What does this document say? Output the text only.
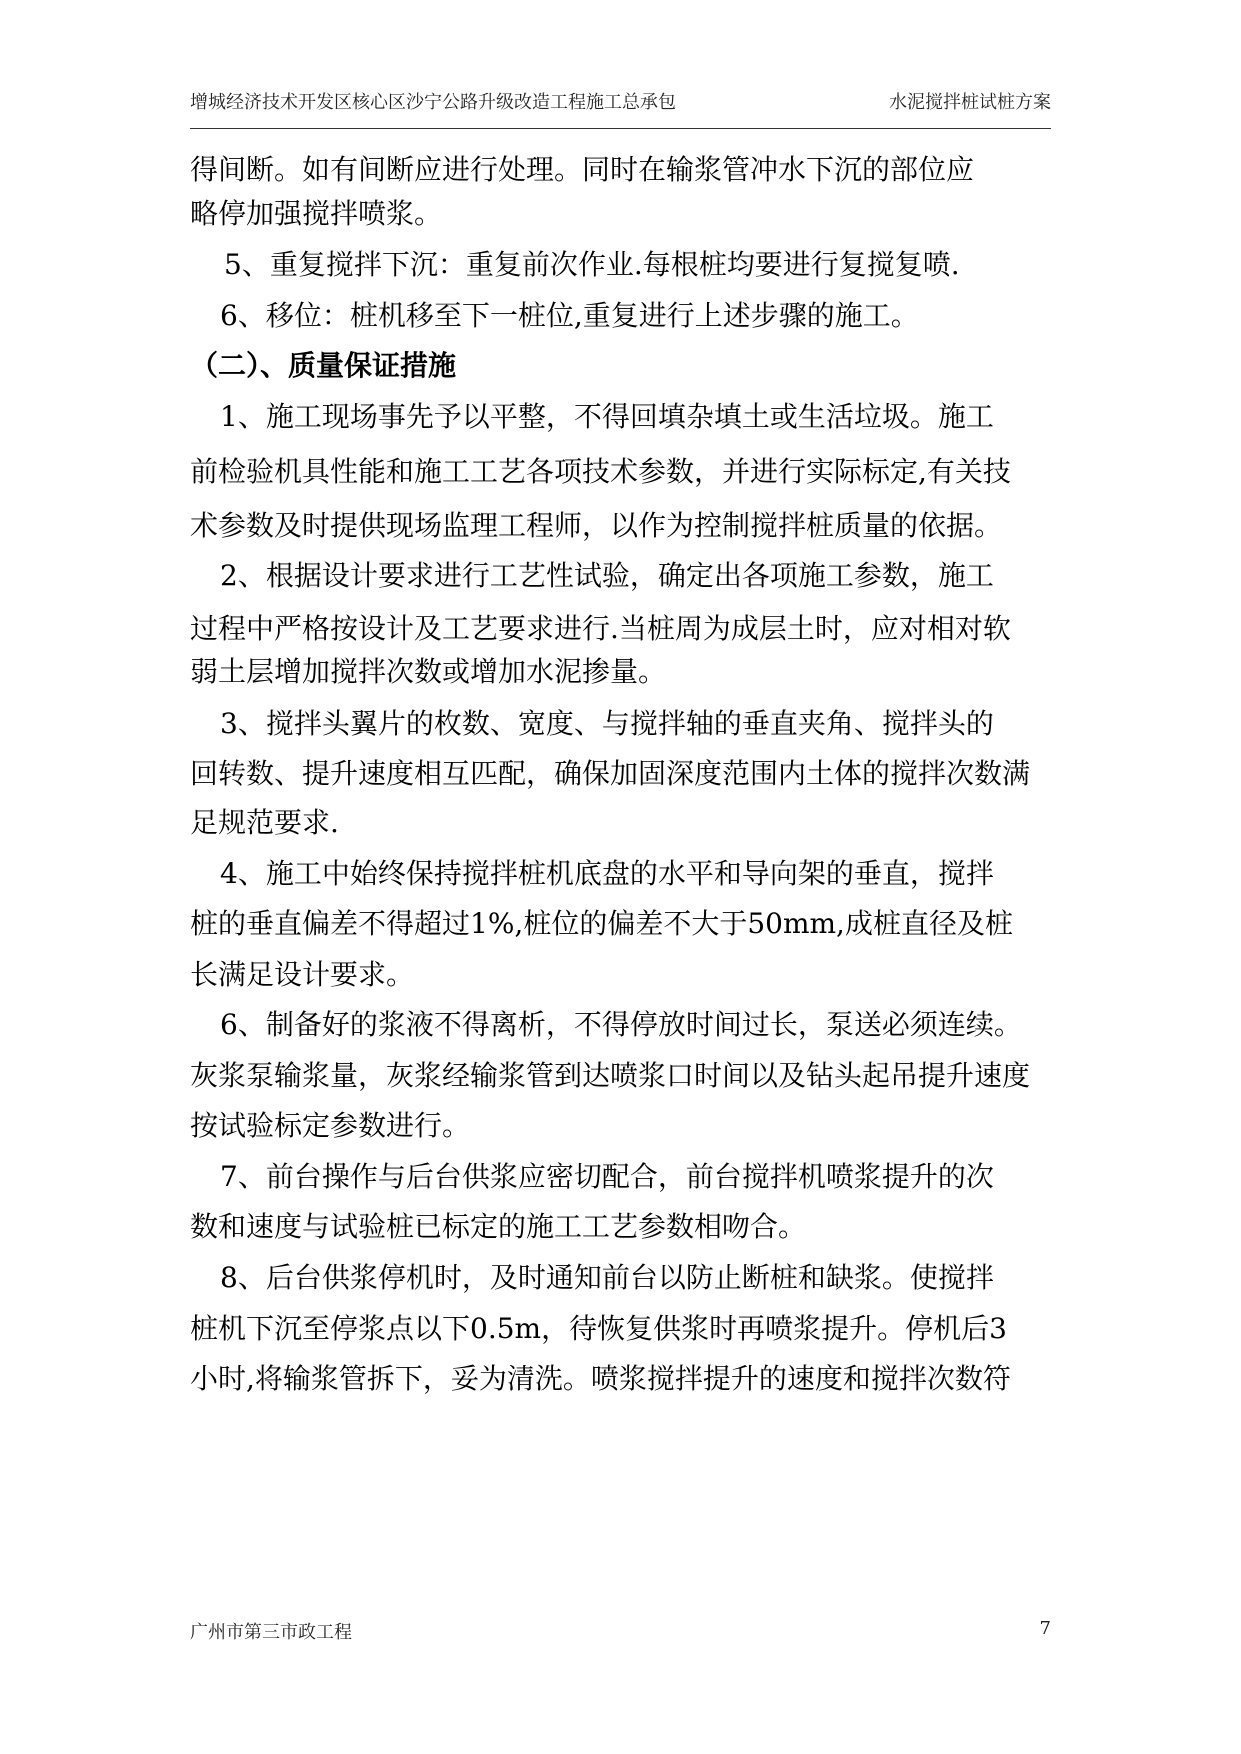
增城经济技术开发区核心区沙宁公路升级改造工程施工总承包	水泥搅拌桩试桩方案
得间断。如有间断应进行处理。同时在输浆管冲水下沉的部位应
略停加强搅拌喷浆。
5、重复搅拌下沉：重复前次作业.每根桩均要进行复搅复喷.
6、移位：桩机移至下一桩位,重复进行上述步骤的施工。
（二）、质量保证措施
1、施工现场事先予以平整，不得回填杂填土或生活垃圾。施工
前检验机具性能和施工工艺各项技术参数，并进行实际标定,有关技
术参数及时提供现场监理工程师，以作为控制搅拌桩质量的依据。
2、根据设计要求进行工艺性试验，确定出各项施工参数，施工
过程中严格按设计及工艺要求进行.当桩周为成层土时，应对相对软
弱土层增加搅拌次数或增加水泥掺量。
3、搅拌头翼片的枚数、宽度、与搅拌轴的垂直夹角、搅拌头的
回转数、提升速度相互匹配，确保加固深度范围内土体的搅拌次数满
足规范要求.
4、施工中始终保持搅拌桩机底盘的水平和导向架的垂直，搅拌
桩的垂直偏差不得超过1%,桩位的偏差不大于50mm,成桩直径及桩
长满足设计要求。
6、制备好的浆液不得离析，不得停放时间过长，泵送必须连续。
灰浆泵输浆量，灰浆经输浆管到达喷浆口时间以及钻头起吊提升速度
按试验标定参数进行。
7、前台操作与后台供浆应密切配合，前台搅拌机喷浆提升的次
数和速度与试验桩已标定的施工工艺参数相吻合。
8、后台供浆停机时，及时通知前台以防止断桩和缺浆。使搅拌
桩机下沉至停浆点以下0.5m，待恢复供浆时再喷浆提升。停机后3
小时,将输浆管拆下，妥为清洗。喷浆搅拌提升的速度和搅拌次数符
广州市第三市政工程	7
